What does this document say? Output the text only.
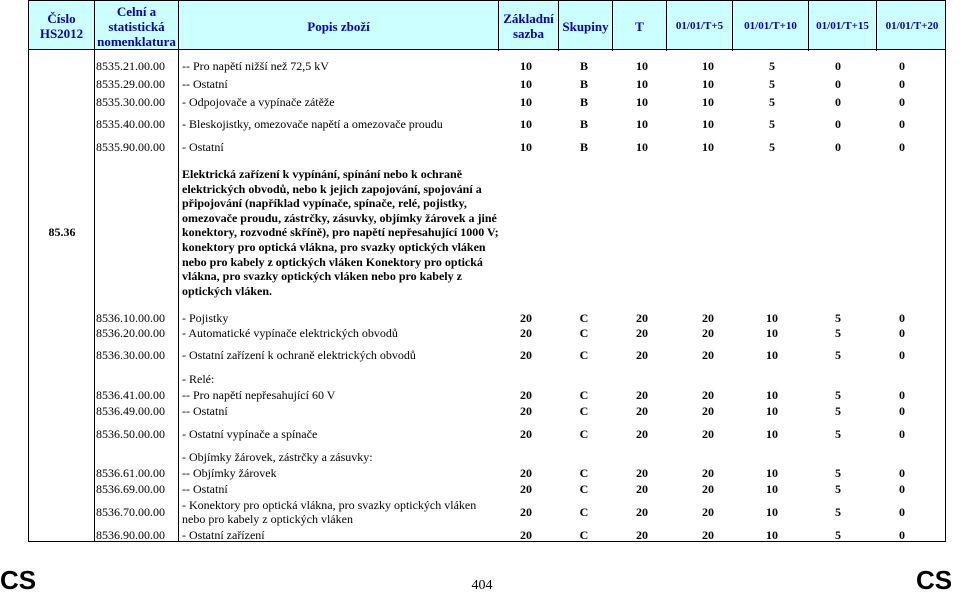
Číslo HS2012
Celní a statistická nomenklatura
Popis zboží	Základní sazba	Skupiny	T	01/01/T+5	01/01/T+10	01/01/T+15	01/01/T+20
8535.21.00.00 -- Pro napětí nižší než 72,5 kV	10	B	10	10	5	0	0
8535.29.00.00 -- Ostatní	10	B	10	10	5	0	0
8535.30.00.00 - Odpojovače a vypínače zátěže	10	B	10	10	5	0	0
8535.40.00.00 - Bleskojistky, omezovače napětí a omezovače proudu	10	B	10	10	5	0	0
8535.90.00.00 - Ostatní	10	B	10	10	5	0	0
85.36
Elektrická zařízení k vypínání, spínání nebo k ochraně elektrických obvodů, nebo k jejich zapojování, spojování a připojování (například vypínače, spínače, relé, pojistky, omezovače proudu, zástrčky, zásuvky, objímky žárovek a jiné konektory, rozvodné skříně), pro napětí nepřesahující 1000 V; konektory pro optická vlákna, pro svazky optických vláken nebo pro kabely z optických vláken Konektory pro optická vlákna, pro svazky optických vláken nebo pro kabely z optických vláken.
8536.10.00.00 - Pojistky	20	C	20	20	10	5	0
8536.20.00.00 - Automatické vypínače elektrických obvodů	20	C	20	20	10	5	0
8536.30.00.00 - Ostatní zařízení k ochraně elektrických obvodů	20	C	20	20	10	5	0
- Relé:
8536.41.00.00 -- Pro napětí nepřesahující 60 V	20	C	20	20	10	5	0
8536.49.00.00 -- Ostatní	20	C	20	20	10	5	0
8536.50.00.00 - Ostatní vypínače a spínače	20	C	20	20	10	5	0
- Objímky žárovek, zástrčky a zásuvky:
8536.61.00.00 -- Objímky žárovek	20	C	20	20	10	5	0
8536.69.00.00 -- Ostatní	20	C	20	20	10	5	0
8536.70.00.00 - Konektory pro optická vlákna, pro svazky optických vláken nebo pro kabely z optických vláken	20	C	20	20	10	5	0
8536.90.00.00 - Ostatní zařízení	20	C	20	20	10	5	0
CS	404	CS
